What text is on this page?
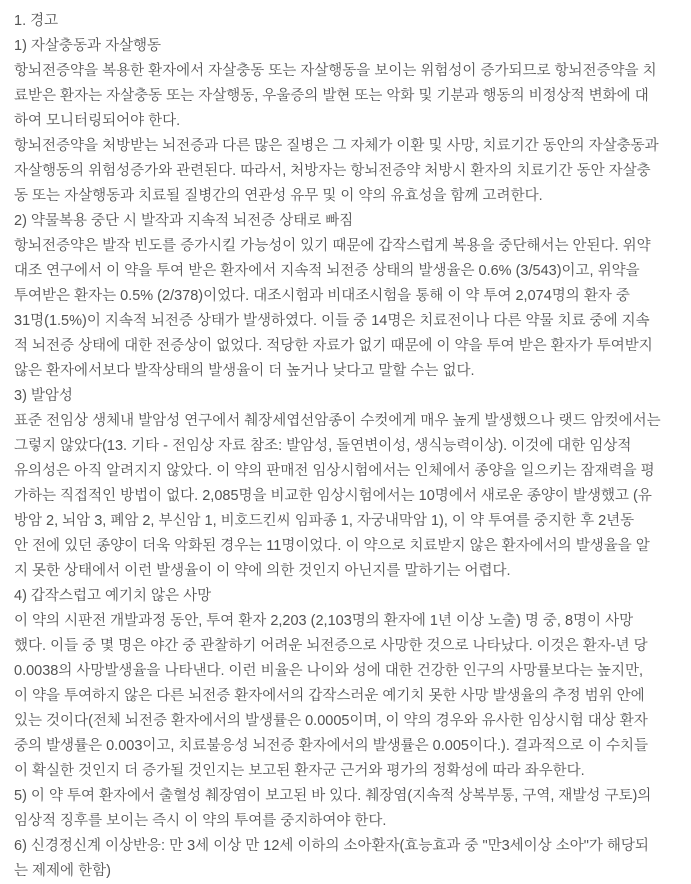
1. 경고
1) 자살충동과 자살행동
항뇌전증약을 복용한 환자에서 자살충동 또는 자살행동을 보이는 위험성이 증가되므로 항뇌전증약을 치
료받은 환자는 자살충동 또는 자살행동, 우울증의 발현 또는 악화 및 기분과 행동의 비정상적 변화에 대
하여 모니터링되어야 한다.
항뇌전증약을 처방받는 뇌전증과 다른 많은 질병은 그 자체가 이환 및 사망, 치료기간 동안의 자살충동과
자살행동의 위험성증가와 관련된다. 따라서, 처방자는 항뇌전증약 처방시 환자의 치료기간 동안 자살충
동 또는 자살행동과 치료될 질병간의 연관성 유무 및 이 약의 유효성을 함께 고려한다.
2) 약물복용 중단 시 발작과 지속적 뇌전증 상태로 빠짐
항뇌전증약은 발작 빈도를 증가시킬 가능성이 있기 때문에 갑작스럽게 복용을 중단해서는 안된다. 위약
대조 연구에서 이 약을 투여 받은 환자에서 지속적 뇌전증 상태의 발생율은 0.6% (3/543)이고, 위약을
투여받은 환자는 0.5% (2/378)이었다. 대조시험과 비대조시험을 통해 이 약 투여 2,074명의 환자 중
31명(1.5%)이 지속적 뇌전증 상태가 발생하였다. 이들 중 14명은 치료전이나 다른 약물 치료 중에 지속
적 뇌전증 상태에 대한 전증상이 없었다. 적당한 자료가 없기 때문에 이 약을 투여 받은 환자가 투여받지
않은 환자에서보다 발작상태의 발생율이 더 높거나 낮다고 말할 수는 없다.
3) 발암성
표준 전임상 생체내 발암성 연구에서 췌장세엽선암종이 수컷에게 매우 높게 발생했으나 랫드 암컷에서는
그렇지 않았다(13. 기타 - 전임상 자료 참조: 발암성, 돌연변이성, 생식능력이상). 이것에 대한 임상적
유의성은 아직 알려지지 않았다. 이 약의 판매전 임상시험에서는 인체에서 종양을 일으키는 잠재력을 평
가하는 직접적인 방법이 없다. 2,085명을 비교한 임상시험에서는 10명에서 새로운 종양이 발생했고 (유
방암 2, 뇌암 3, 폐암 2, 부신암 1, 비호드킨씨 임파종 1, 자궁내막암 1), 이 약 투여를 중지한 후 2년동
안 전에 있던 종양이 더욱 악화된 경우는 11명이었다. 이 약으로 치료받지 않은 환자에서의 발생율을 알
지 못한 상태에서 이런 발생율이 이 약에 의한 것인지 아닌지를 말하기는 어렵다.
4) 갑작스럽고 예기치 않은 사망
이 약의 시판전 개발과정 동안, 투여 환자 2,203 (2,103명의 환자에 1년 이상 노출) 명 중, 8명이 사망
했다. 이들 중 몇 명은 야간 중 관찰하기 어려운 뇌전증으로 사망한 것으로 나타났다. 이것은 환자-년 당
0.0038의 사망발생율을 나타낸다. 이런 비율은 나이와 성에 대한 건강한 인구의 사망률보다는 높지만,
이 약을 투여하지 않은 다른 뇌전증 환자에서의 갑작스러운 예기치 못한 사망 발생율의 추정 범위 안에
있는 것이다(전체 뇌전증 환자에서의 발생률은 0.0005이며, 이 약의 경우와 유사한 임상시험 대상 환자
중의 발생률은 0.003이고, 치료불응성 뇌전증 환자에서의 발생률은 0.005이다.). 결과적으로 이 수치들
이 확실한 것인지 더 증가될 것인지는 보고된 환자군 근거와 평가의 정확성에 따라 좌우한다.
5) 이 약 투여 환자에서 출혈성 췌장염이 보고된 바 있다. 췌장염(지속적 상복부통, 구역, 재발성 구토)의
임상적 징후를 보이는 즉시 이 약의 투여를 중지하여야 한다.
6) 신경정신계 이상반응: 만 3세 이상 만 12세 이하의 소아환자(효능효과 중 "만3세이상 소아"가 해당되
는 제제에 한함)
